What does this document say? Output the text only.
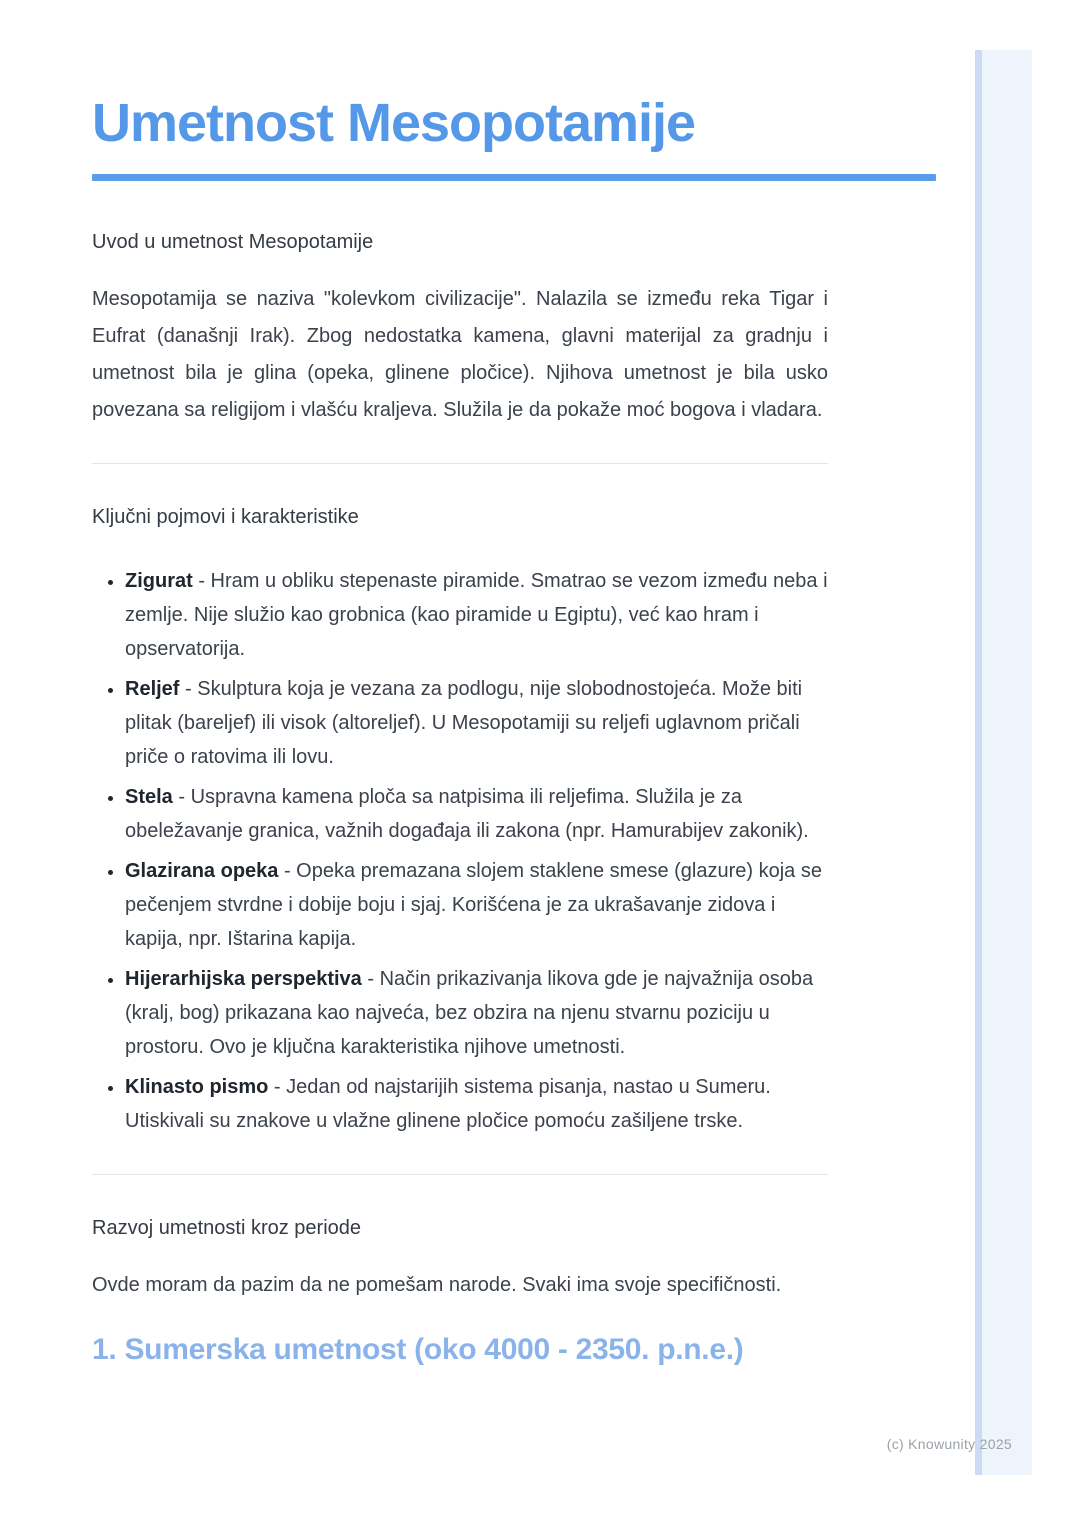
(c) Knowunity 2025
Umetnost Mesopotamije
Uvod u umetnost Mesopotamije

Mesopotamija se naziva "kolevkom civilizacije". Nalazila se između reka Tigar i Eufrat (današnji Irak). Zbog nedostatka kamena, glavni materijal za gradnju i umetnost bila je glina (opeka, glinene pločice). Njihova umetnost je bila usko povezana sa religijom i vlašću kraljeva. Služila je da pokaže moć bogova i vladara.

Ključni pojmovi i karakteristike
• Zigurat - Hram u obliku stepenaste piramide. Smatrao se vezom između neba i zemlje. Nije služio kao grobnica (kao piramide u Egiptu), već kao hram i opservatorija.
• Reljef - Skulptura koja je vezana za podlogu, nije slobodnostojeća. Može biti plitak (bareljef) ili visok (altoreljef). U Mesopotamiji su reljefi uglavnom pričali priče o ratovima ili lovu.
• Stela - Uspravna kamena ploča sa natpisima ili reljefima. Služila je za obeležavanje granica, važnih događaja ili zakona (npr. Hamurabijev zakonik).
• Glazirana opeka - Opeka premazana slojem staklene smese (glazure) koja se pečenjem stvrdne i dobije boju i sjaj. Korišćena je za ukrašavanje zidova i kapija, npr. Ištarina kapija.
• Hijerarhijska perspektiva - Način prikazivanja likova gde je najvažnija osoba (kralj, bog) prikazana kao najveća, bez obzira na njenu stvarnu poziciju u prostoru. Ovo je ključna karakteristika njihove umetnosti.
• Klinasto pismo - Jedan od najstarijih sistema pisanja, nastao u Sumeru. Utiskivali su znakove u vlažne glinene pločice pomoću zašiljene trske.
Razvoj umetnosti kroz periode

Ovde moram da pazim da ne pomešam narode. Svaki ima svoje specifičnosti.

1. Sumerska umetnost (oko 4000 - 2350. p.n.e.)
